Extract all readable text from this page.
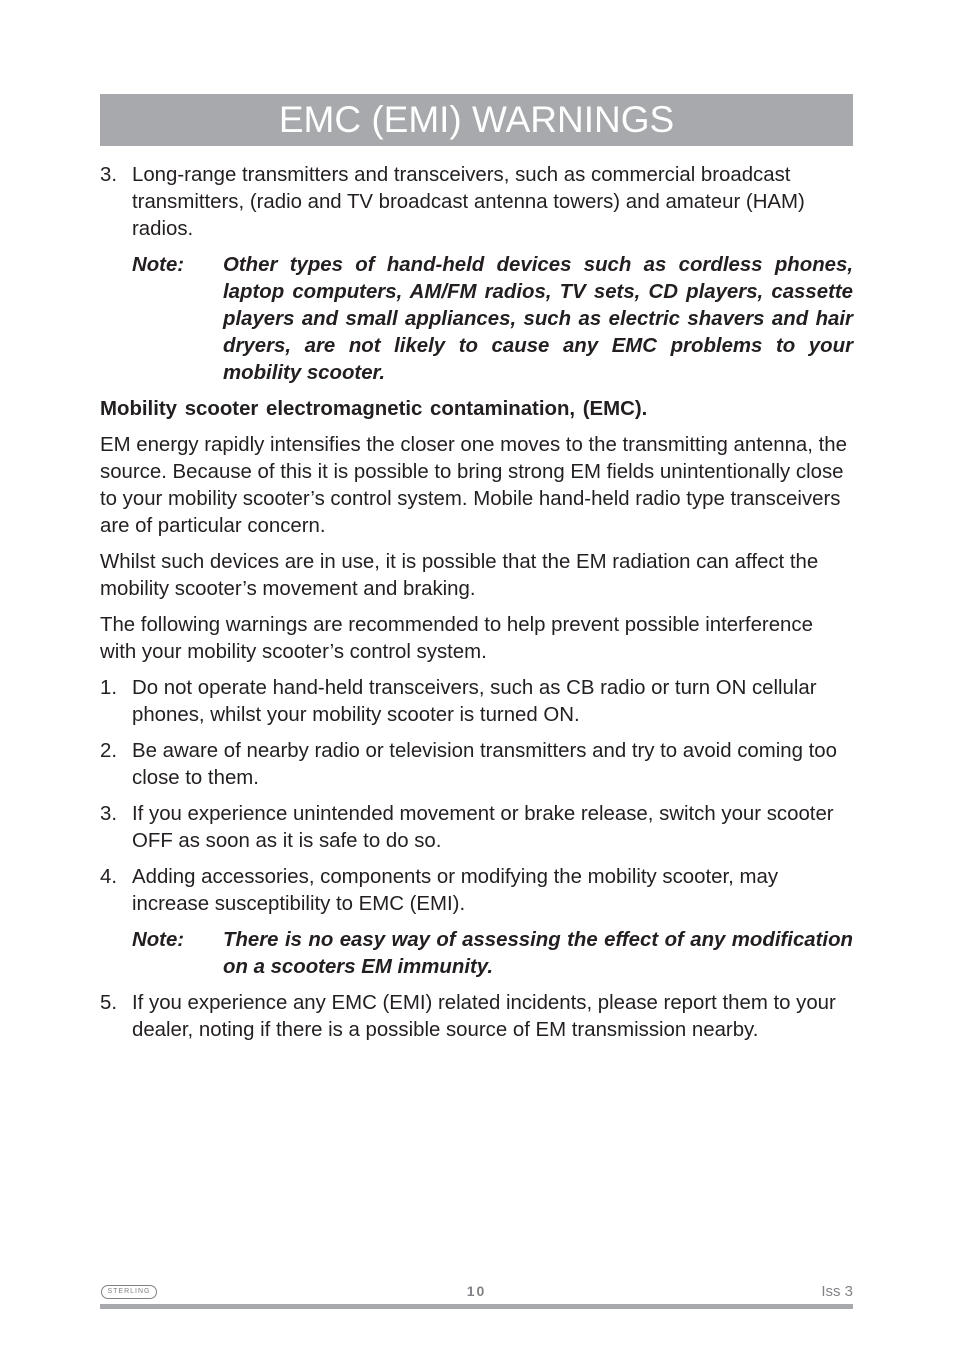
EMC (EMI) WARNINGS
3. Long-range transmitters and transceivers, such as commercial broadcast transmitters, (radio and TV broadcast antenna towers) and amateur (HAM) radios.
Note:	Other types of hand-held devices such as cordless phones, laptop computers, AM/FM radios, TV sets, CD players, cassette players and small appliances, such as electric shavers and hair dryers, are not likely to cause any EMC problems to your mobility scooter.
Mobility scooter electromagnetic contamination, (EMC).
EM energy rapidly intensifies the closer one moves to the transmitting antenna, the source. Because of this it is possible to bring strong EM fields unintentionally close to your mobility scooter’s control system. Mobile hand-held radio type transceivers are of particular concern.
Whilst such devices are in use, it is possible that the EM radiation can affect the mobility scooter’s movement and braking.
The following warnings are recommended to help prevent possible interference with your mobility scooter’s control system.
1. Do not operate hand-held transceivers, such as CB radio or turn ON cellular phones, whilst your mobility scooter is turned ON.
2. Be aware of nearby radio or television transmitters and try to avoid coming too close to them.
3. If you experience unintended movement or brake release, switch your scooter OFF as soon as it is safe to do so.
4. Adding accessories, components or modifying the mobility scooter, may increase susceptibility to EMC (EMI).
Note:	There is no easy way of assessing the effect of any modification on a scooters EM immunity.
5. If you experience any EMC (EMI) related incidents, please report them to your dealer, noting if there is a possible source of EM transmission nearby.
STERLING	10	Iss 3
